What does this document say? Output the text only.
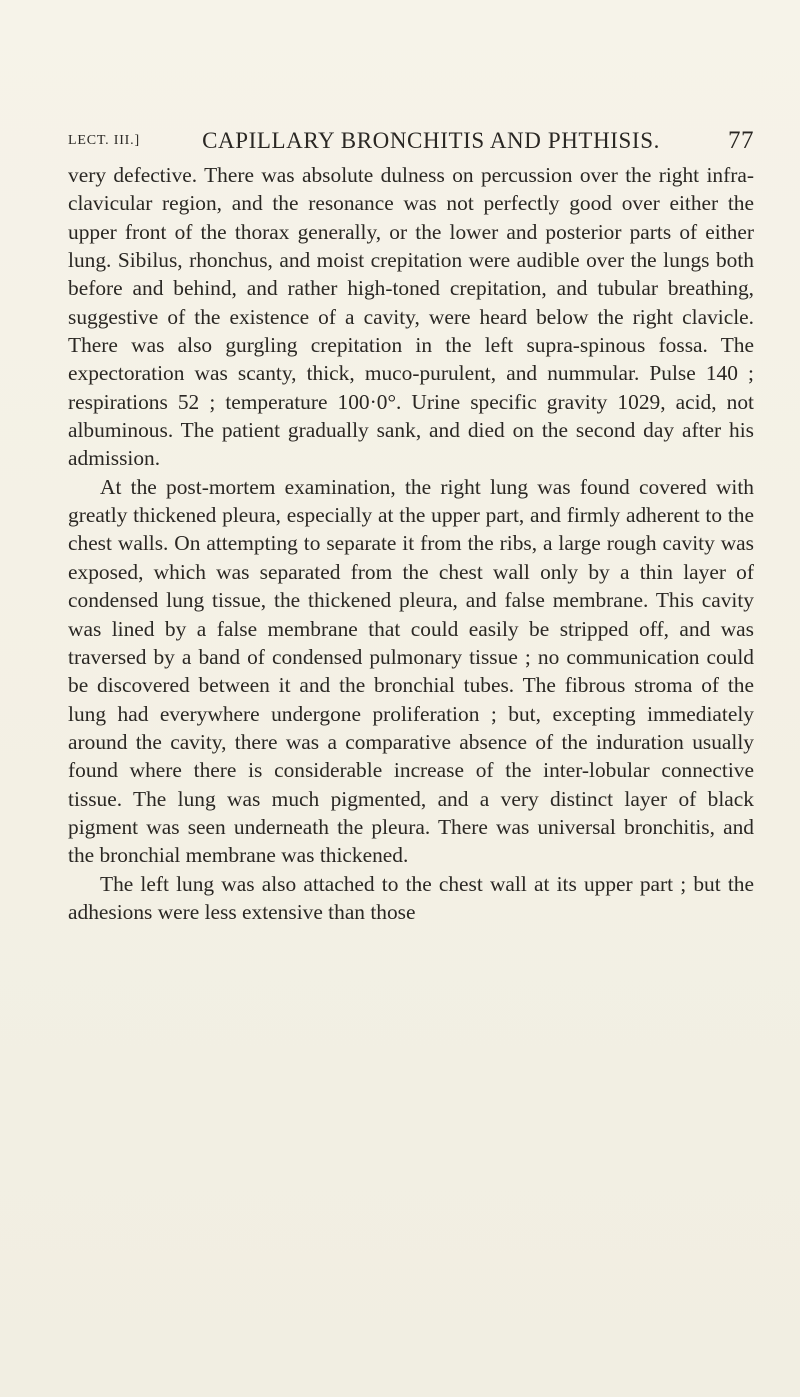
LECT. III.]	CAPILLARY BRONCHITIS AND PHTHISIS.	77

very defective. There was absolute dulness on percussion over the right infra-clavicular region, and the resonance was not perfectly good over either the upper front of the thorax generally, or the lower and posterior parts of either lung. Sibilus, rhonchus, and moist crepitation were audible over the lungs both before and behind, and rather high-toned crepitation, and tubular breathing, suggestive of the existence of a cavity, were heard below the right clavicle. There was also gurgling crepitation in the left supra-spinous fossa. The expectoration was scanty, thick, muco-purulent, and nummular. Pulse 140 ; respirations 52 ; temperature 100·0°. Urine specific gravity 1029, acid, not albuminous. The patient gradually sank, and died on the second day after his admission.

At the post-mortem examination, the right lung was found covered with greatly thickened pleura, especially at the upper part, and firmly adherent to the chest walls. On attempting to separate it from the ribs, a large rough cavity was exposed, which was separated from the chest wall only by a thin layer of condensed lung tissue, the thickened pleura, and false membrane. This cavity was lined by a false membrane that could easily be stripped off, and was traversed by a band of condensed pulmonary tissue ; no communication could be discovered between it and the bronchial tubes. The fibrous stroma of the lung had everywhere undergone proliferation ; but, excepting immediately around the cavity, there was a comparative absence of the induration usually found where there is considerable increase of the inter-lobular connective tissue. The lung was much pigmented, and a very distinct layer of black pigment was seen underneath the pleura. There was universal bronchitis, and the bronchial membrane was thickened.

The left lung was also attached to the chest wall at its upper part ; but the adhesions were less extensive than those
